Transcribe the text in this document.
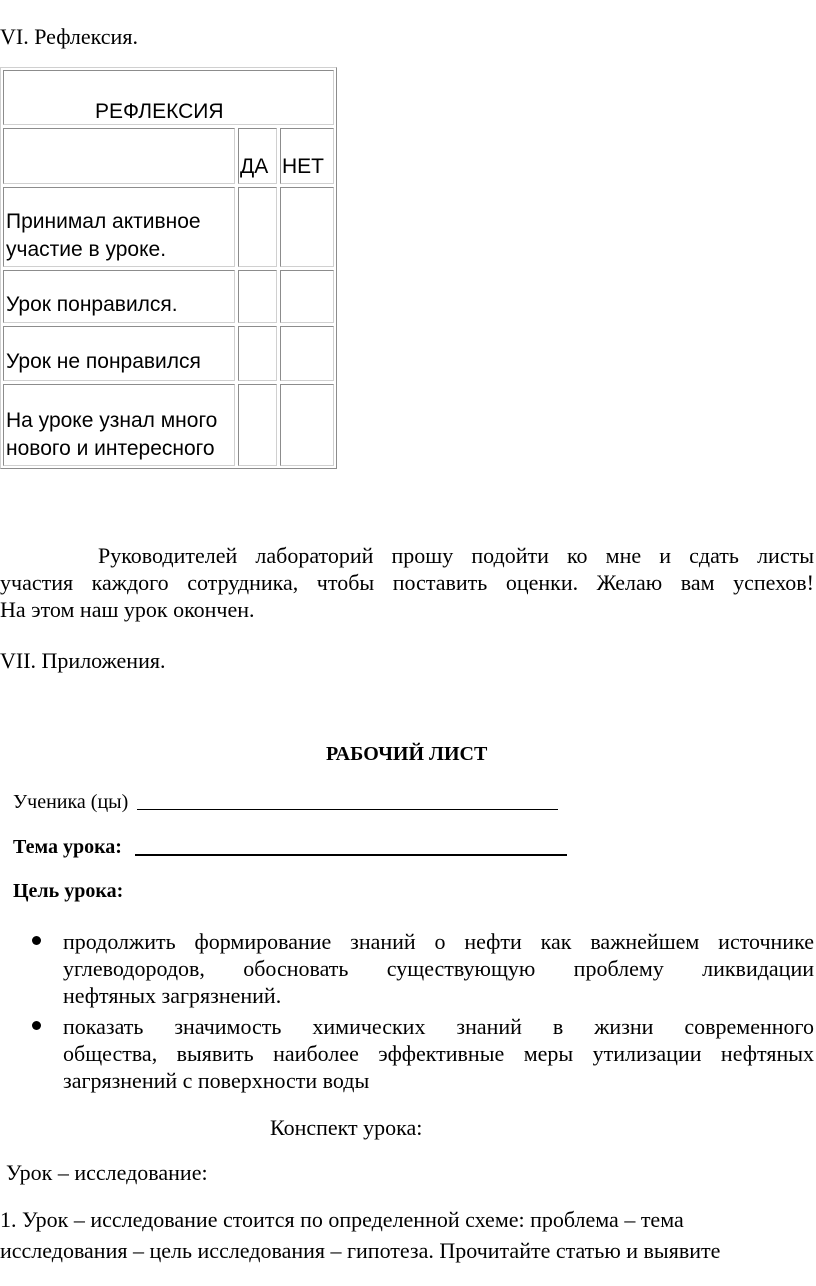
VI. Рефлексия.
РЕФЛЕКСИЯ
ДА НЕТ
Принимал активное
участие в уроке.
Урок понравился.
Урок не понравился
На уроке узнал много
нового и интересного
Руководителей лабораторий прошу подойти ко мне и сдать листы
участия каждого сотрудника, чтобы поставить оценки. Желаю вам успехов!
На этом наш урок окончен.
VII. Приложения.
РАБОЧИЙ ЛИСТ
Ученика (цы)
Тема урока:
Цель урока:
продолжить формирование знаний о нефти как важнейшем источнике
углеводородов, обосновать существующую проблему ликвидации
нефтяных загрязнений.
показать значимость химических знаний в жизни современного
общества, выявить наиболее эффективные меры утилизации нефтяных
загрязнений с поверхности воды
Конспект урока:
Урок – исследование:
1. Урок – исследование стоится по определенной схеме: проблема – тема
исследования – цель исследования – гипотеза. Прочитайте статью и выявите
